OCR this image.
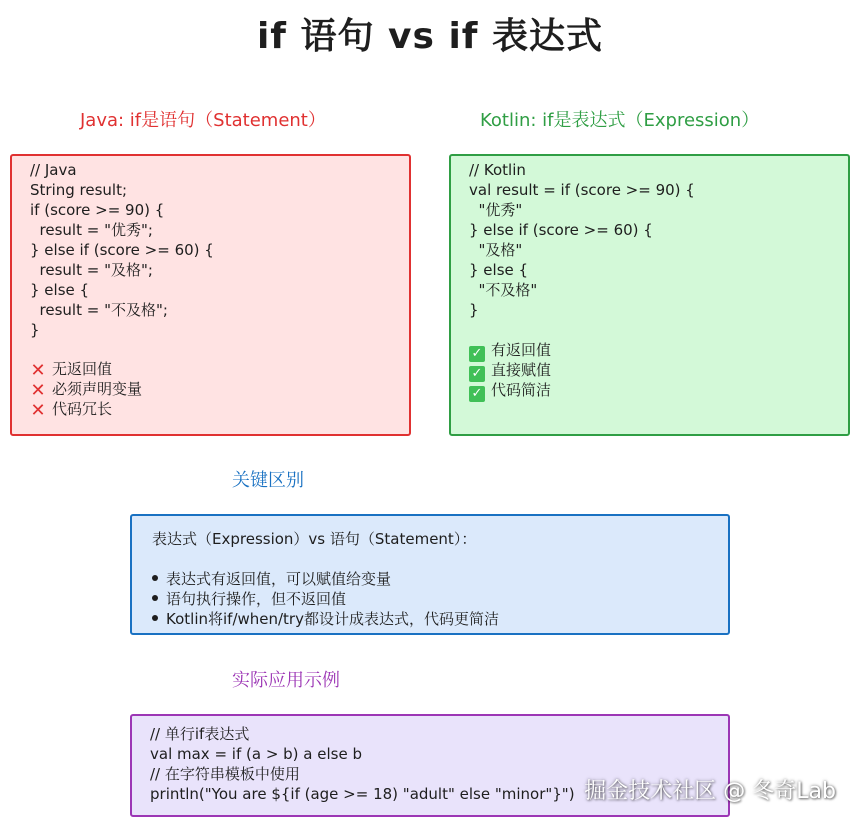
if 语句 vs if 表达式
Java: if是语句（Statement）
// Java
String result;
if (score >= 90) {
result = "优秀";
} else if (score >= 60) {
result = "及格";
} else {
result = "不及格";
}
✕ 无返回值
✕ 必须声明变量
✕ 代码冗长
Kotlin: if是表达式（Expression）
// Kotlin
val result = if (score >= 90) {
"优秀"
} else if (score >= 60) {
"及格"
} else {
"不及格"
}
✓ 有返回值
✓ 直接赋值
✓ 代码简洁
关键区别
表达式（Expression）vs 语句（Statement）：
表达式有返回值，可以赋值给变量
语句执行操作，但不返回值
Kotlin将if/when/try都设计成表达式，代码更简洁
实际应用示例
// 单行if表达式
val max = if (a > b) a else b
// 在字符串模板中使用
println("You are ${if (age >= 18) "adult" else "minor"}") 掘金技术社区 @ 冬奇Lab
